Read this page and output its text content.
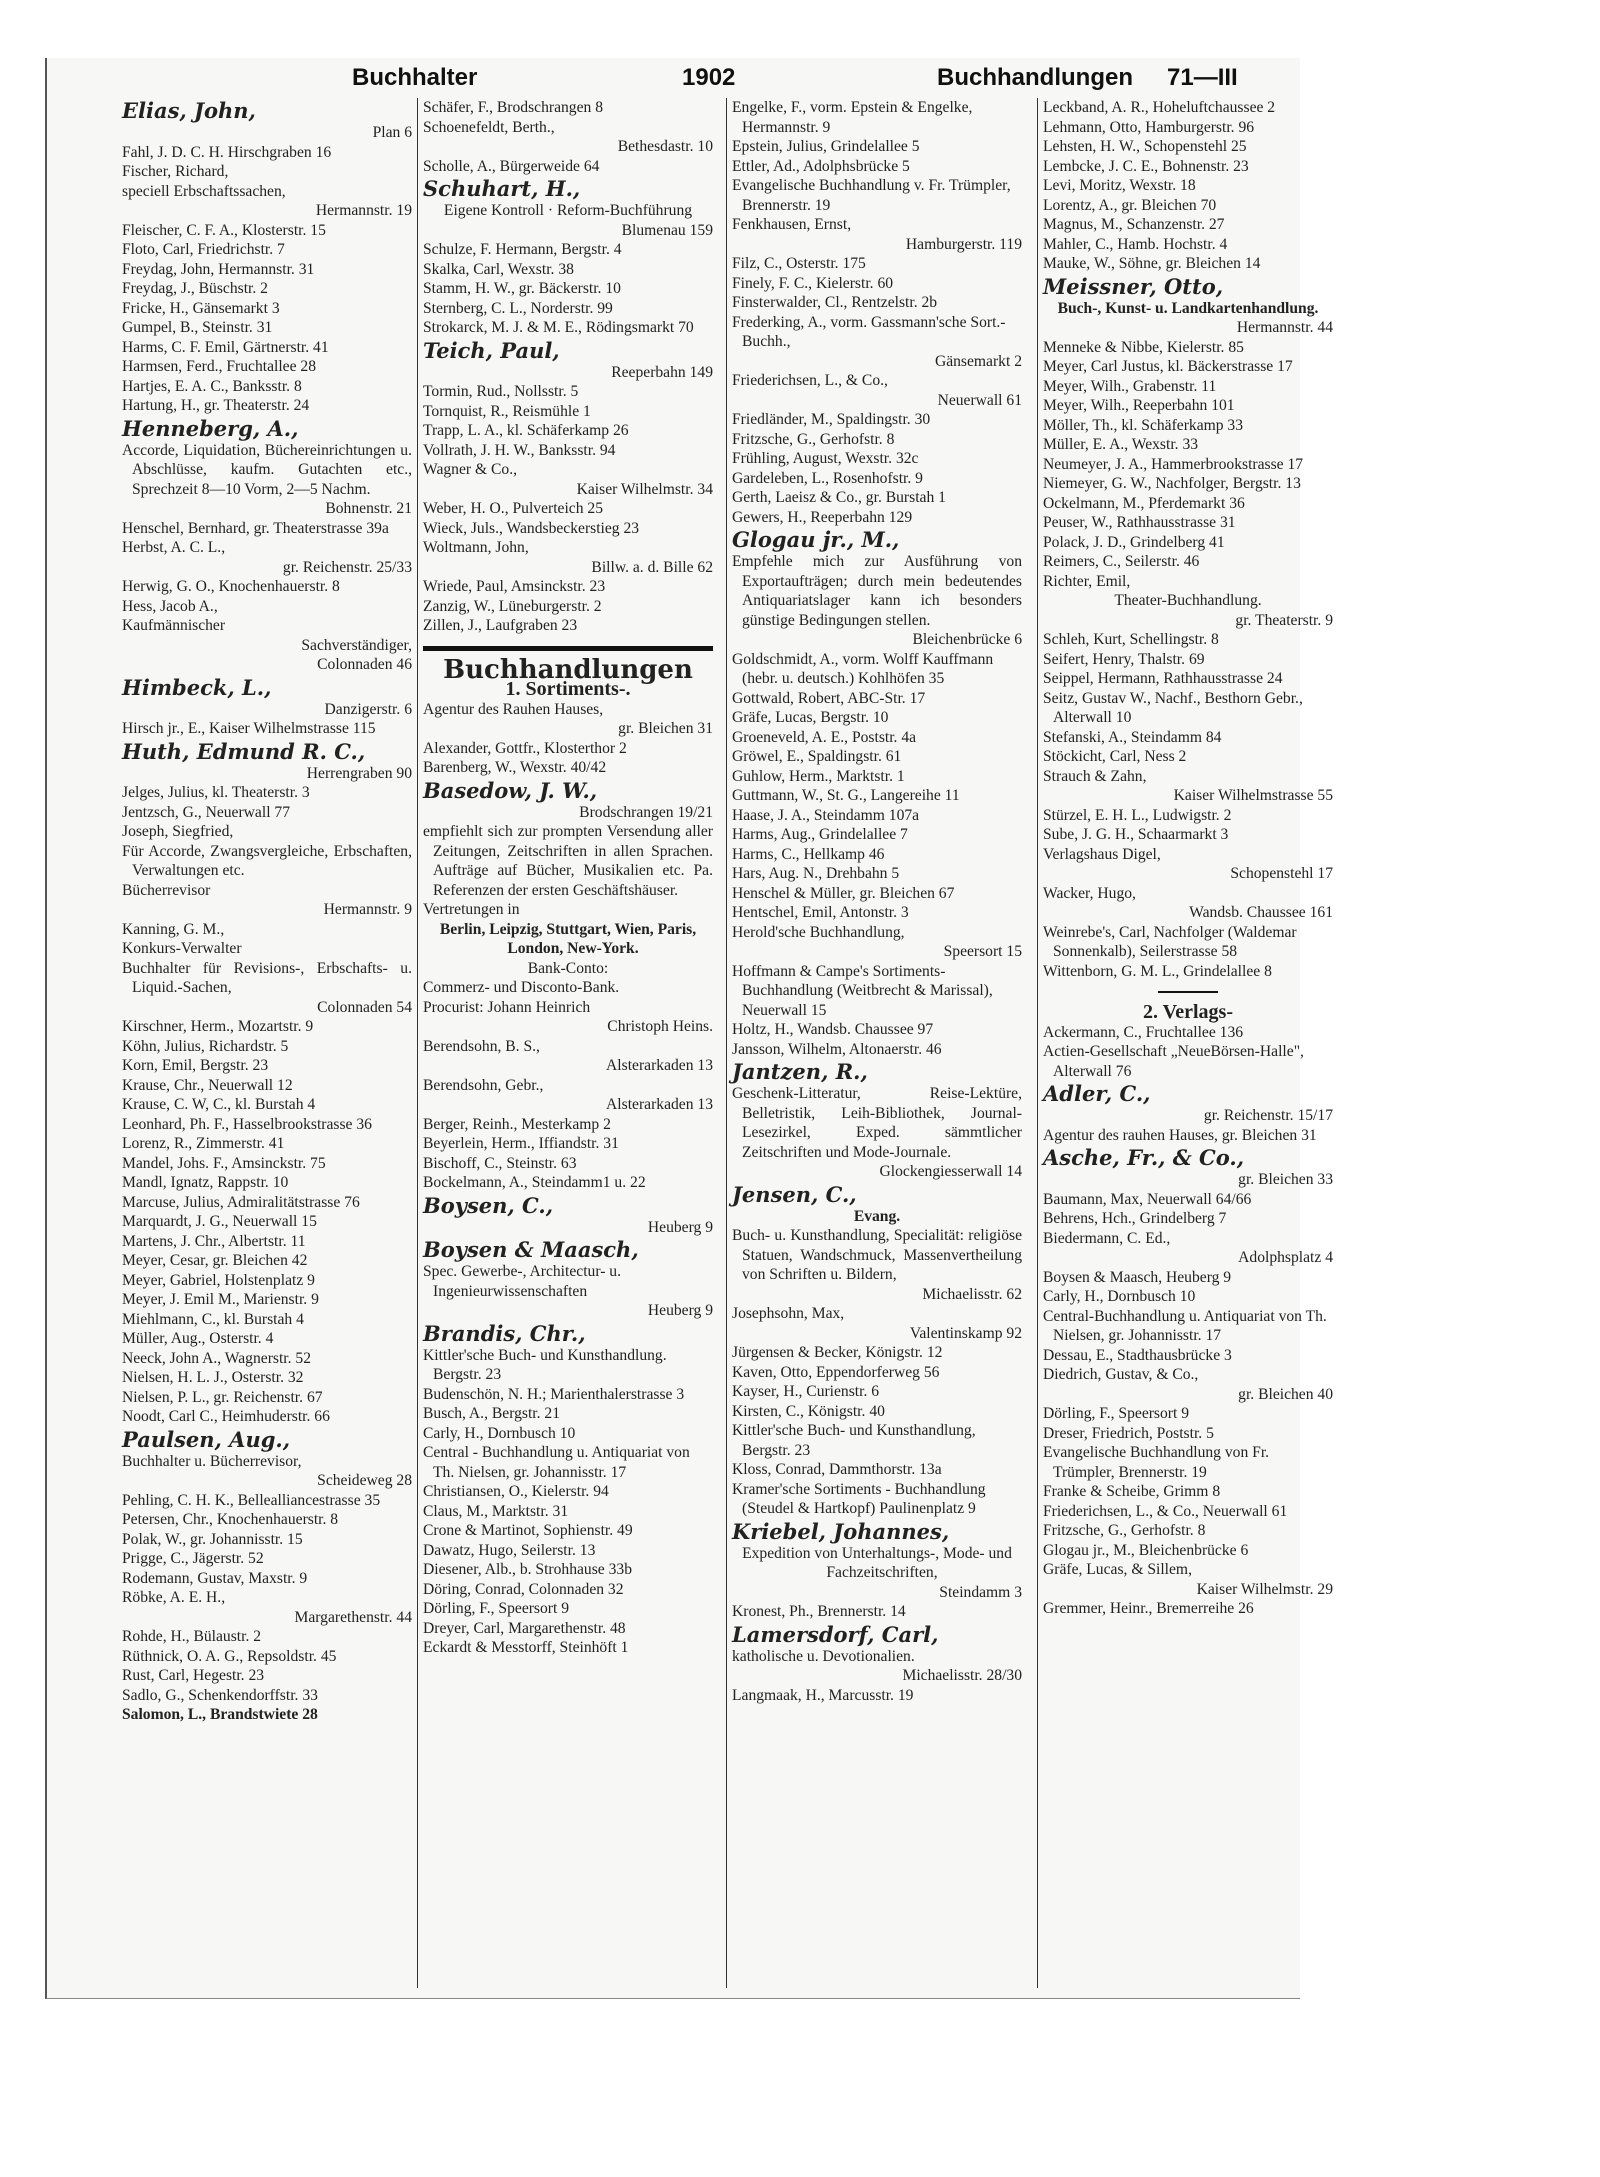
Buchhalter	1902	Buchhandlungen 71—III
Elias, John,
Plan 6
Fahl, J. D. C. H. Hirschgraben 16
Fischer, Richard,
speciell Erbschaftssachen,
Hermannstr. 19
Fleischer, C. F. A., Klosterstr. 15
Floto, Carl, Friedrichstr. 7
Freydag, John, Hermannstr. 31
Freydag, J., Büschstr. 2
Fricke, H., Gänsemarkt 3
Gumpel, B., Steinstr. 31
Harms, C. F. Emil, Gärtnerstr. 41
Harmsen, Ferd., Fruchtallee 28
Hartjes, E. A. C., Banksstr. 8
Hartung, H., gr. Theaterstr. 24
Henneberg, A.,
Accorde, Liquidation, Büchereinrichtungen u. Abschlüsse, kaufm. Gutachten etc., Sprechzeit 8—10 Vorm, 2—5 Nachm.
Bohnenstr. 21
Henschel, Bernhard, gr. Theaterstrasse 39a
Herbst, A. C. L.,
gr. Reichenstr. 25/33
Herwig, G. O., Knochenhauerstr. 8
Hess, Jacob A.,
Kaufmännischer
Sachverständiger,
Colonnaden 46
Himbeck, L.,
Danzigerstr. 6
Hirsch jr., E., Kaiser Wilhelmstrasse 115
Huth, Edmund R. C.,
Herrengraben 90
Jelges, Julius, kl. Theaterstr. 3
Jentzsch, G., Neuerwall 77
Joseph, Siegfried,
Für Accorde, Zwangsvergleiche, Erbschaften, Verwaltungen etc.
Bücherrevisor
Hermannstr. 9
Kanning, G. M.,
Konkurs-Verwalter
Buchhalter für Revisions-, Erbschafts- u. Liquid.-Sachen,
Colonnaden 54
Kirschner, Herm., Mozartstr. 9
Köhn, Julius, Richardstr. 5
Korn, Emil, Bergstr. 23
Krause, Chr., Neuerwall 12
Krause, C. W, C., kl. Burstah 4
Leonhard, Ph. F., Hasselbrookstrasse 36
Lorenz, R., Zimmerstr. 41
Mandel, Johs. F., Amsinckstr. 75
Mandl, Ignatz, Rappstr. 10
Marcuse, Julius, Admiralitätstrasse 76
Marquardt, J. G., Neuerwall 15
Martens, J. Chr., Albertstr. 11
Meyer, Cesar, gr. Bleichen 42
Meyer, Gabriel, Holstenplatz 9
Meyer, J. Emil M., Marienstr. 9
Miehlmann, C., kl. Burstah 4
Müller, Aug., Osterstr. 4
Neeck, John A., Wagnerstr. 52
Nielsen, H. L. J., Osterstr. 32
Nielsen, P. L., gr. Reichenstr. 67
Noodt, Carl C., Heimhuderstr. 66
Paulsen, Aug.,
Buchhalter u. Bücherrevisor,
Scheideweg 28
Pehling, C. H. K., Bellealliancestrasse 35
Petersen, Chr., Knochenhauerstr. 8
Polak, W., gr. Johannisstr. 15
Prigge, C., Jägerstr. 52
Rodemann, Gustav, Maxstr. 9
Röbke, A. E. H.,
Margarethenstr. 44
Rohde, H., Bülaustr. 2
Rüthnick, O. A. G., Repsoldstr. 45
Rust, Carl, Hegestr. 23
Sadlo, G., Schenkendorffstr. 33
Salomon, L., Brandstwiete 28
Schäfer, F., Brodschrangen 8
Schoenefeldt, Berth.,
Bethesdastr. 10
Scholle, A., Bürgerweide 64
Schuhart, H.,
Eigene Kontroll · Reform-Buchführung
Blumenau 159
Schulze, F. Hermann, Bergstr. 4
Skalka, Carl, Wexstr. 38
Stamm, H. W., gr. Bäckerstr. 10
Sternberg, C. L., Norderstr. 99
Strokarck, M. J. & M. E., Rödingsmarkt 70
Teich, Paul,
Reeperbahn 149
Tormin, Rud., Nollsstr. 5
Tornquist, R., Reismühle 1
Trapp, L. A., kl. Schäferkamp 26
Vollrath, J. H. W., Banksstr. 94
Wagner & Co.,
Kaiser Wilhelmstr. 34
Weber, H. O., Pulverteich 25
Wieck, Juls., Wandsbeckerstieg 23
Woltmann, John,
Billw. a. d. Bille 62
Wriede, Paul, Amsinckstr. 23
Zanzig, W., Lüneburgerstr. 2
Zillen, J., Laufgraben 23
Buchhandlungen
1. Sortiments-.
Agentur des Rauhen Hauses,
gr. Bleichen 31
Alexander, Gottfr., Klosterthor 2
Barenberg, W., Wexstr. 40/42
Basedow, J. W.,
Brodschrangen 19/21
empfiehlt sich zur prompten Versendung aller Zeitungen, Zeitschriften in allen Sprachen. Aufträge auf Bücher, Musikalien etc. Pa. Referenzen der ersten Geschäftshäuser.
Vertretungen in
Berlin, Leipzig, Stuttgart, Wien, Paris, London, New-York.
Bank-Conto:
Commerz- und Disconto-Bank.
Procurist: Johann Heinrich
Christoph Heins.
Berendsohn, B. S.,
Alsterarkaden 13
Berendsohn, Gebr.,
Alsterarkaden 13
Berger, Reinh., Mesterkamp 2
Beyerlein, Herm., Iffiandstr. 31
Bischoff, C., Steinstr. 63
Bockelmann, A., Steindamm1 u. 22
Boysen, C.,
Heuberg 9
Boysen & Maasch,
Spec. Gewerbe-, Architectur- u. Ingenieurwissenschaften
Heuberg 9
Brandis, Chr.,
Kittler'sche Buch- und Kunsthandlung. Bergstr. 23
Budenschön, N. H.; Marienthalerstrasse 3
Busch, A., Bergstr. 21
Carly, H., Dornbusch 10
Central - Buchhandlung u. Antiquariat von Th. Nielsen, gr. Johannisstr. 17
Christiansen, O., Kielerstr. 94
Claus, M., Marktstr. 31
Crone & Martinot, Sophienstr. 49
Dawatz, Hugo, Seilerstr. 13
Diesener, Alb., b. Strohhause 33b
Döring, Conrad, Colonnaden 32
Dörling, F., Speersort 9
Dreyer, Carl, Margarethenstr. 48
Eckardt & Messtorff, Steinhöft 1
Engelke, F., vorm. Epstein & Engelke, Hermannstr. 9
Epstein, Julius, Grindelallee 5
Ettler, Ad., Adolphsbrücke 5
Evangelische Buchhandlung v. Fr. Trümpler, Brennerstr. 19
Fenkhausen, Ernst,
Hamburgerstr. 119
Filz, C., Osterstr. 175
Finely, F. C., Kielerstr. 60
Finsterwalder, Cl., Rentzelstr. 2b
Frederking, A., vorm. Gassmann'sche Sort.-Buchh.,
Gänsemarkt 2
Friederichsen, L., & Co.,
Neuerwall 61
Friedländer, M., Spaldingstr. 30
Fritzsche, G., Gerhofstr. 8
Frühling, August, Wexstr. 32c
Gardeleben, L., Rosenhofstr. 9
Gerth, Laeisz & Co., gr. Burstah 1
Gewers, H., Reeperbahn 129
Glogau jr., M.,
Empfehle mich zur Ausführung von Exportaufträgen; durch mein bedeutendes Antiquariatslager kann ich besonders günstige Bedingungen stellen.
Bleichenbrücke 6
Goldschmidt, A., vorm. Wolff Kauffmann (hebr. u. deutsch.) Kohlhöfen 35
Gottwald, Robert, ABC-Str. 17
Gräfe, Lucas, Bergstr. 10
Groeneveld, A. E., Poststr. 4a
Gröwel, E., Spaldingstr. 61
Guhlow, Herm., Marktstr. 1
Guttmann, W., St. G., Langereihe 11
Haase, J. A., Steindamm 107a
Harms, Aug., Grindelallee 7
Harms, C., Hellkamp 46
Hars, Aug. N., Drehbahn 5
Henschel & Müller, gr. Bleichen 67
Hentschel, Emil, Antonstr. 3
Herold'sche Buchhandlung,
Speersort 15
Hoffmann & Campe's Sortiments-Buchhandlung (Weitbrecht & Marissal), Neuerwall 15
Holtz, H., Wandsb. Chaussee 97
Jansson, Wilhelm, Altonaerstr. 46
Jantzen, R.,
Geschenk-Litteratur, Reise-Lektüre, Belletristik, Leih-Bibliothek, Journal-Lesezirkel, Exped. sämmtlicher Zeitschriften und Mode-Journale.
Glockengiesserwall 14
Jensen, C.,
Evang.
Buch- u. Kunsthandlung, Specialität: religiöse Statuen, Wandschmuck, Massenvertheilung von Schriften u. Bildern,
Michaelisstr. 62
Josephsohn, Max,
Valentinskamp 92
Jürgensen & Becker, Königstr. 12
Kaven, Otto, Eppendorferweg 56
Kayser, H., Curienstr. 6
Kirsten, C., Königstr. 40
Kittler'sche Buch- und Kunsthandlung, Bergstr. 23
Kloss, Conrad, Dammthorstr. 13a
Kramer'sche Sortiments - Buchhandlung (Steudel & Hartkopf) Paulinenplatz 9
Kriebel, Johannes,
Expedition von Unterhaltungs-, Mode- und Fachzeitschriften,
Steindamm 3
Kronest, Ph., Brennerstr. 14
Lamersdorf, Carl,
katholische u. Devotionalien.
Michaelisstr. 28/30
Langmaak, H., Marcusstr. 19
Leckband, A. R., Hoheluftchaussee 2
Lehmann, Otto, Hamburgerstr. 96
Lehsten, H. W., Schopenstehl 25
Lembcke, J. C. E., Bohnenstr. 23
Levi, Moritz, Wexstr. 18
Lorentz, A., gr. Bleichen 70
Magnus, M., Schanzenstr. 27
Mahler, C., Hamb. Hochstr. 4
Mauke, W., Söhne, gr. Bleichen 14
Meissner, Otto,
Buch-, Kunst- u. Landkartenhandlung.
Hermannstr. 44
Menneke & Nibbe, Kielerstr. 85
Meyer, Carl Justus, kl. Bäckerstrasse 17
Meyer, Wilh., Grabenstr. 11
Meyer, Wilh., Reeperbahn 101
Möller, Th., kl. Schäferkamp 33
Müller, E. A., Wexstr. 33
Neumeyer, J. A., Hammerbrookstrasse 17
Niemeyer, G. W., Nachfolger, Bergstr. 13
Ockelmann, M., Pferdemarkt 36
Peuser, W., Rathhausstrasse 31
Polack, J. D., Grindelberg 41
Reimers, C., Seilerstr. 46
Richter, Emil,
Theater-Buchhandlung.
gr. Theaterstr. 9
Schleh, Kurt, Schellingstr. 8
Seifert, Henry, Thalstr. 69
Seippel, Hermann, Rathhausstrasse 24
Seitz, Gustav W., Nachf., Besthorn Gebr., Alterwall 10
Stefanski, A., Steindamm 84
Stöckicht, Carl, Ness 2
Strauch & Zahn,
Kaiser Wilhelmstrasse 55
Stürzel, E. H. L., Ludwigstr. 2
Sube, J. G. H., Schaarmarkt 3
Verlagshaus Digel,
Schopenstehl 17
Wacker, Hugo,
Wandsb. Chaussee 161
Weinrebe's, Carl, Nachfolger (Waldemar Sonnenkalb), Seilerstrasse 58
Wittenborn, G. M. L., Grindelallee 8
2. Verlags-
Ackermann, C., Fruchtallee 136
Actien-Gesellschaft „NeueBörsen-Halle", Alterwall 76
Adler, C.,
gr. Reichenstr. 15/17
Agentur des rauhen Hauses, gr. Bleichen 31
Asche, Fr., & Co.,
gr. Bleichen 33
Baumann, Max, Neuerwall 64/66
Behrens, Hch., Grindelberg 7
Biedermann, C. Ed.,
Adolphsplatz 4
Boysen & Maasch, Heuberg 9
Carly, H., Dornbusch 10
Central-Buchhandlung u. Antiquariat von Th. Nielsen, gr. Johannisstr. 17
Dessau, E., Stadthausbrücke 3
Diedrich, Gustav, & Co.,
gr. Bleichen 40
Dörling, F., Speersort 9
Dreser, Friedrich, Poststr. 5
Evangelische Buchhandlung von Fr. Trümpler, Brennerstr. 19
Franke & Scheibe, Grimm 8
Friederichsen, L., & Co., Neuerwall 61
Fritzsche, G., Gerhofstr. 8
Glogau jr., M., Bleichenbrücke 6
Gräfe, Lucas, & Sillem,
Kaiser Wilhelmstr. 29
Gremmer, Heinr., Bremerreihe 26
